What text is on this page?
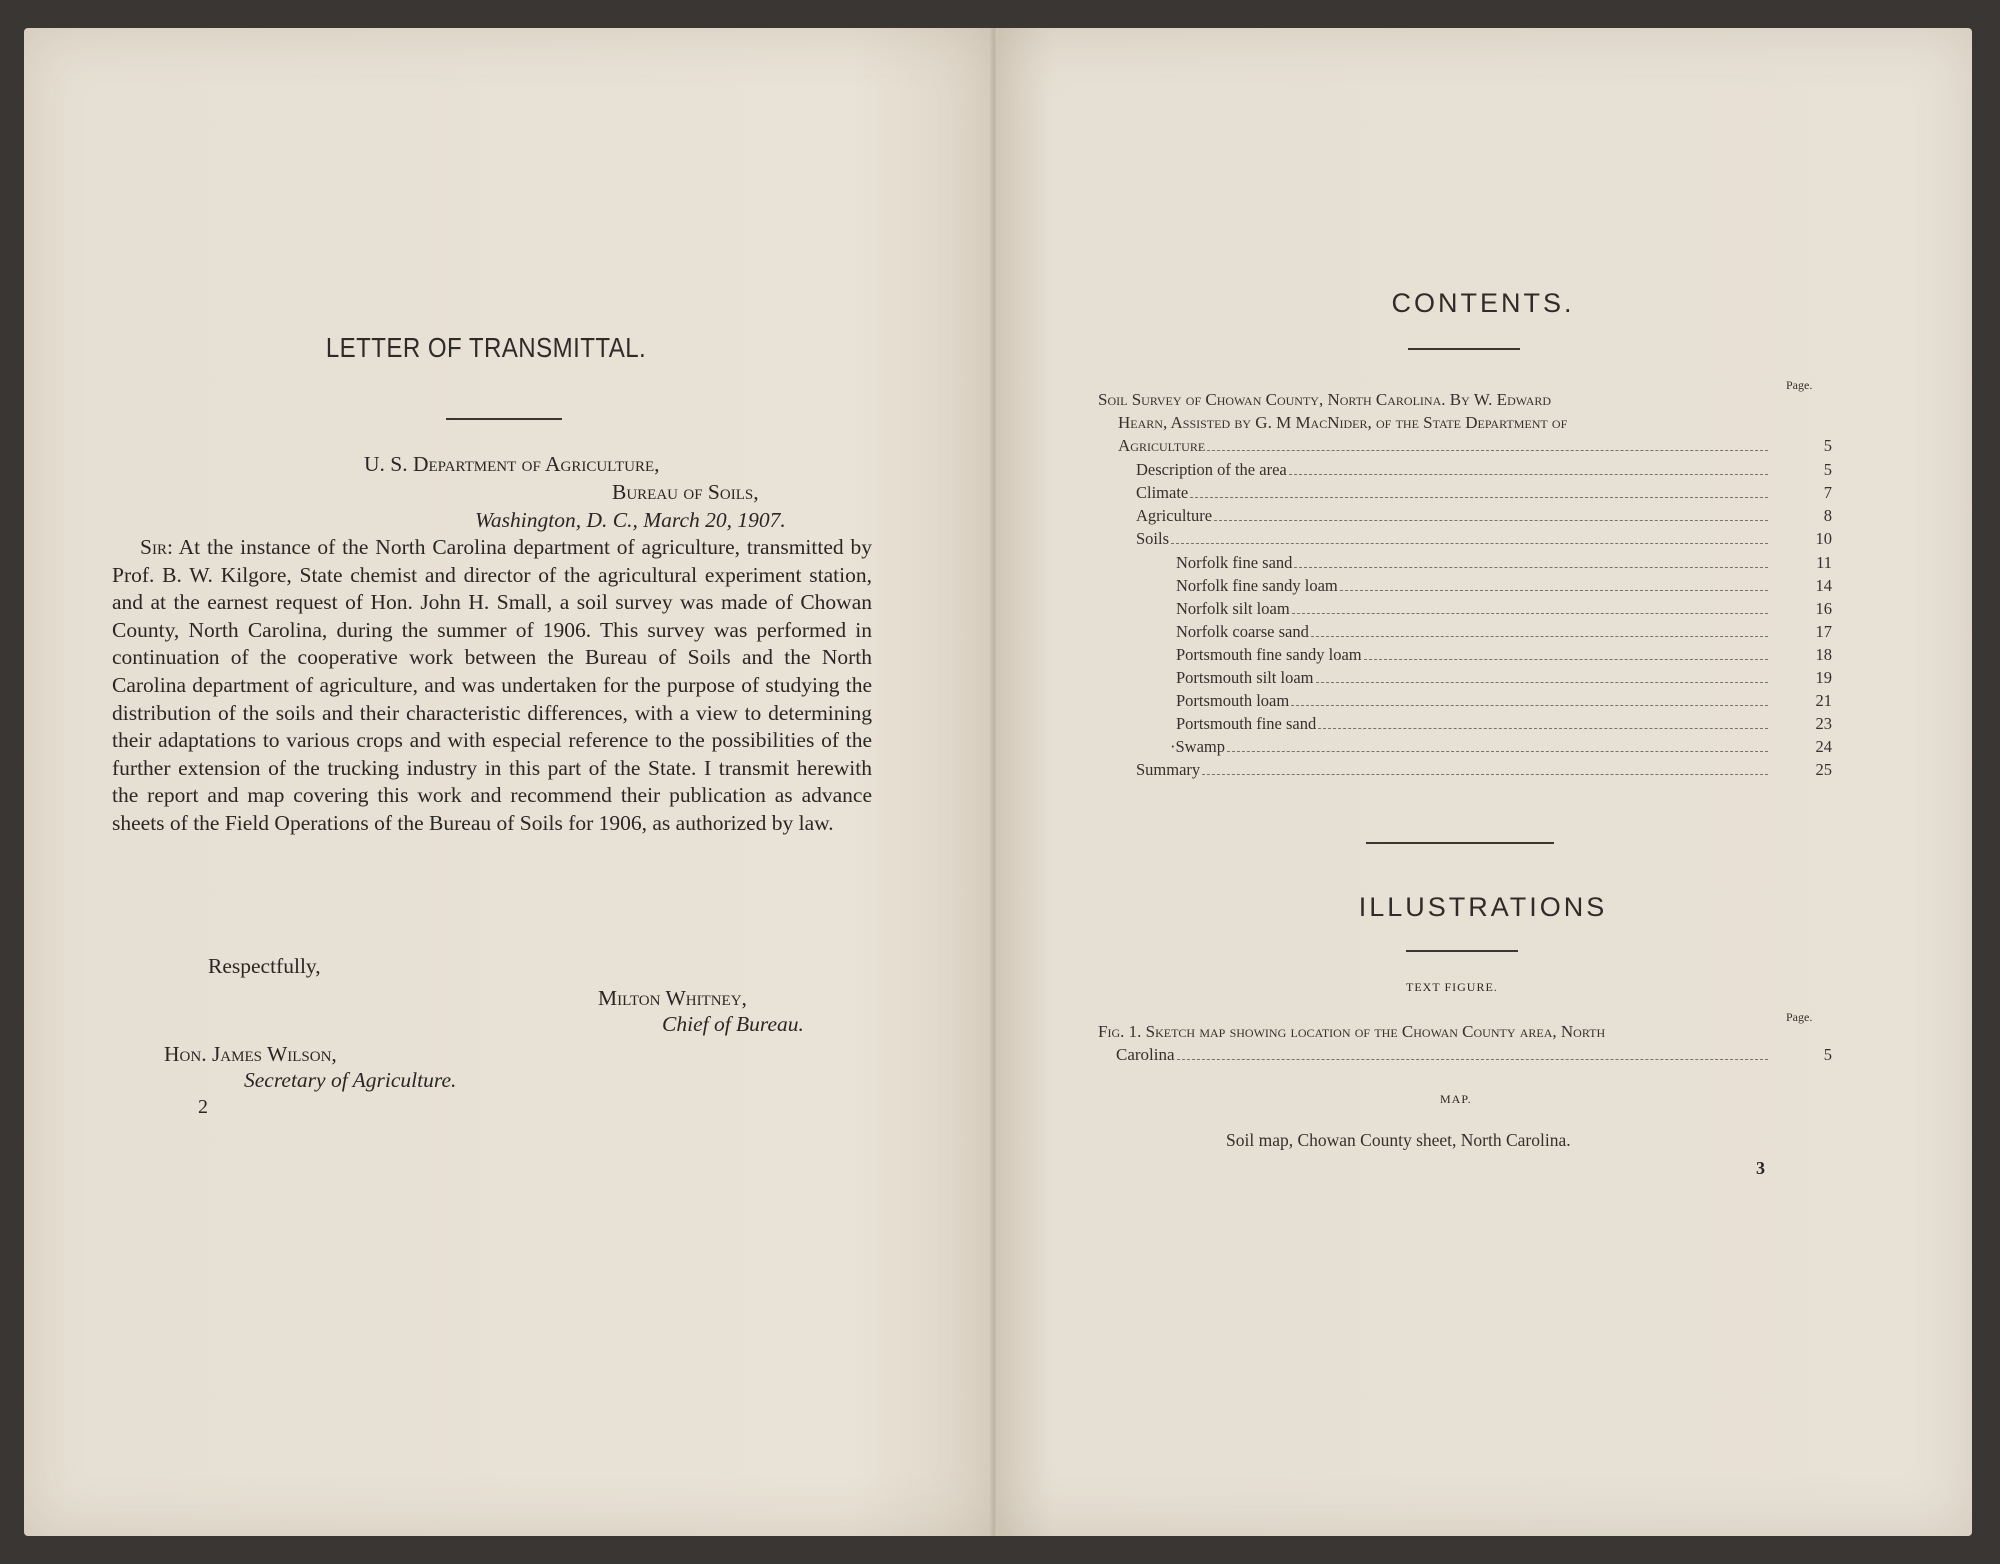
LETTER OF TRANSMITTAL.
U. S. Department of Agriculture,
Bureau of Soils,
Washington, D. C., March 20, 1907.
Sir: At the instance of the North Carolina department of agriculture, transmitted by Prof. B. W. Kilgore, State chemist and director of the agricultural experiment station, and at the earnest request of Hon. John H. Small, a soil survey was made of Chowan County, North Carolina, during the summer of 1906. This survey was performed in continuation of the cooperative work between the Bureau of Soils and the North Carolina department of agriculture, and was undertaken for the purpose of studying the distribution of the soils and their characteristic differences, with a view to determining their adaptations to various crops and with especial reference to the possibilities of the further extension of the trucking industry in this part of the State. I transmit herewith the report and map covering this work and recommend their publication as advance sheets of the Field Operations of the Bureau of Soils for 1906, as authorized by law.
Respectfully,
Milton Whitney,
Chief of Bureau.
Hon. James Wilson,
Secretary of Agriculture.
2
CONTENTS.
Page.
Soil Survey of Chowan County, North Carolina. By W. Edward
Hearn, Assisted by G. M MacNider, of the State Department of
Agriculture	5
Description of the area	5
Climate	7
Agriculture	8
Soils	10
Norfolk fine sand	11
Norfolk fine sandy loam	14
Norfolk silt loam	16
Norfolk coarse sand	17
Portsmouth fine sandy loam	18
Portsmouth silt loam	19
Portsmouth loam	21
Portsmouth fine sand	23
·Swamp	24
Summary	25
ILLUSTRATIONS
TEXT FIGURE.
Page.
Fig. 1. Sketch map showing location of the Chowan County area, North
Carolina	5
MAP.
Soil map, Chowan County sheet, North Carolina.
3
